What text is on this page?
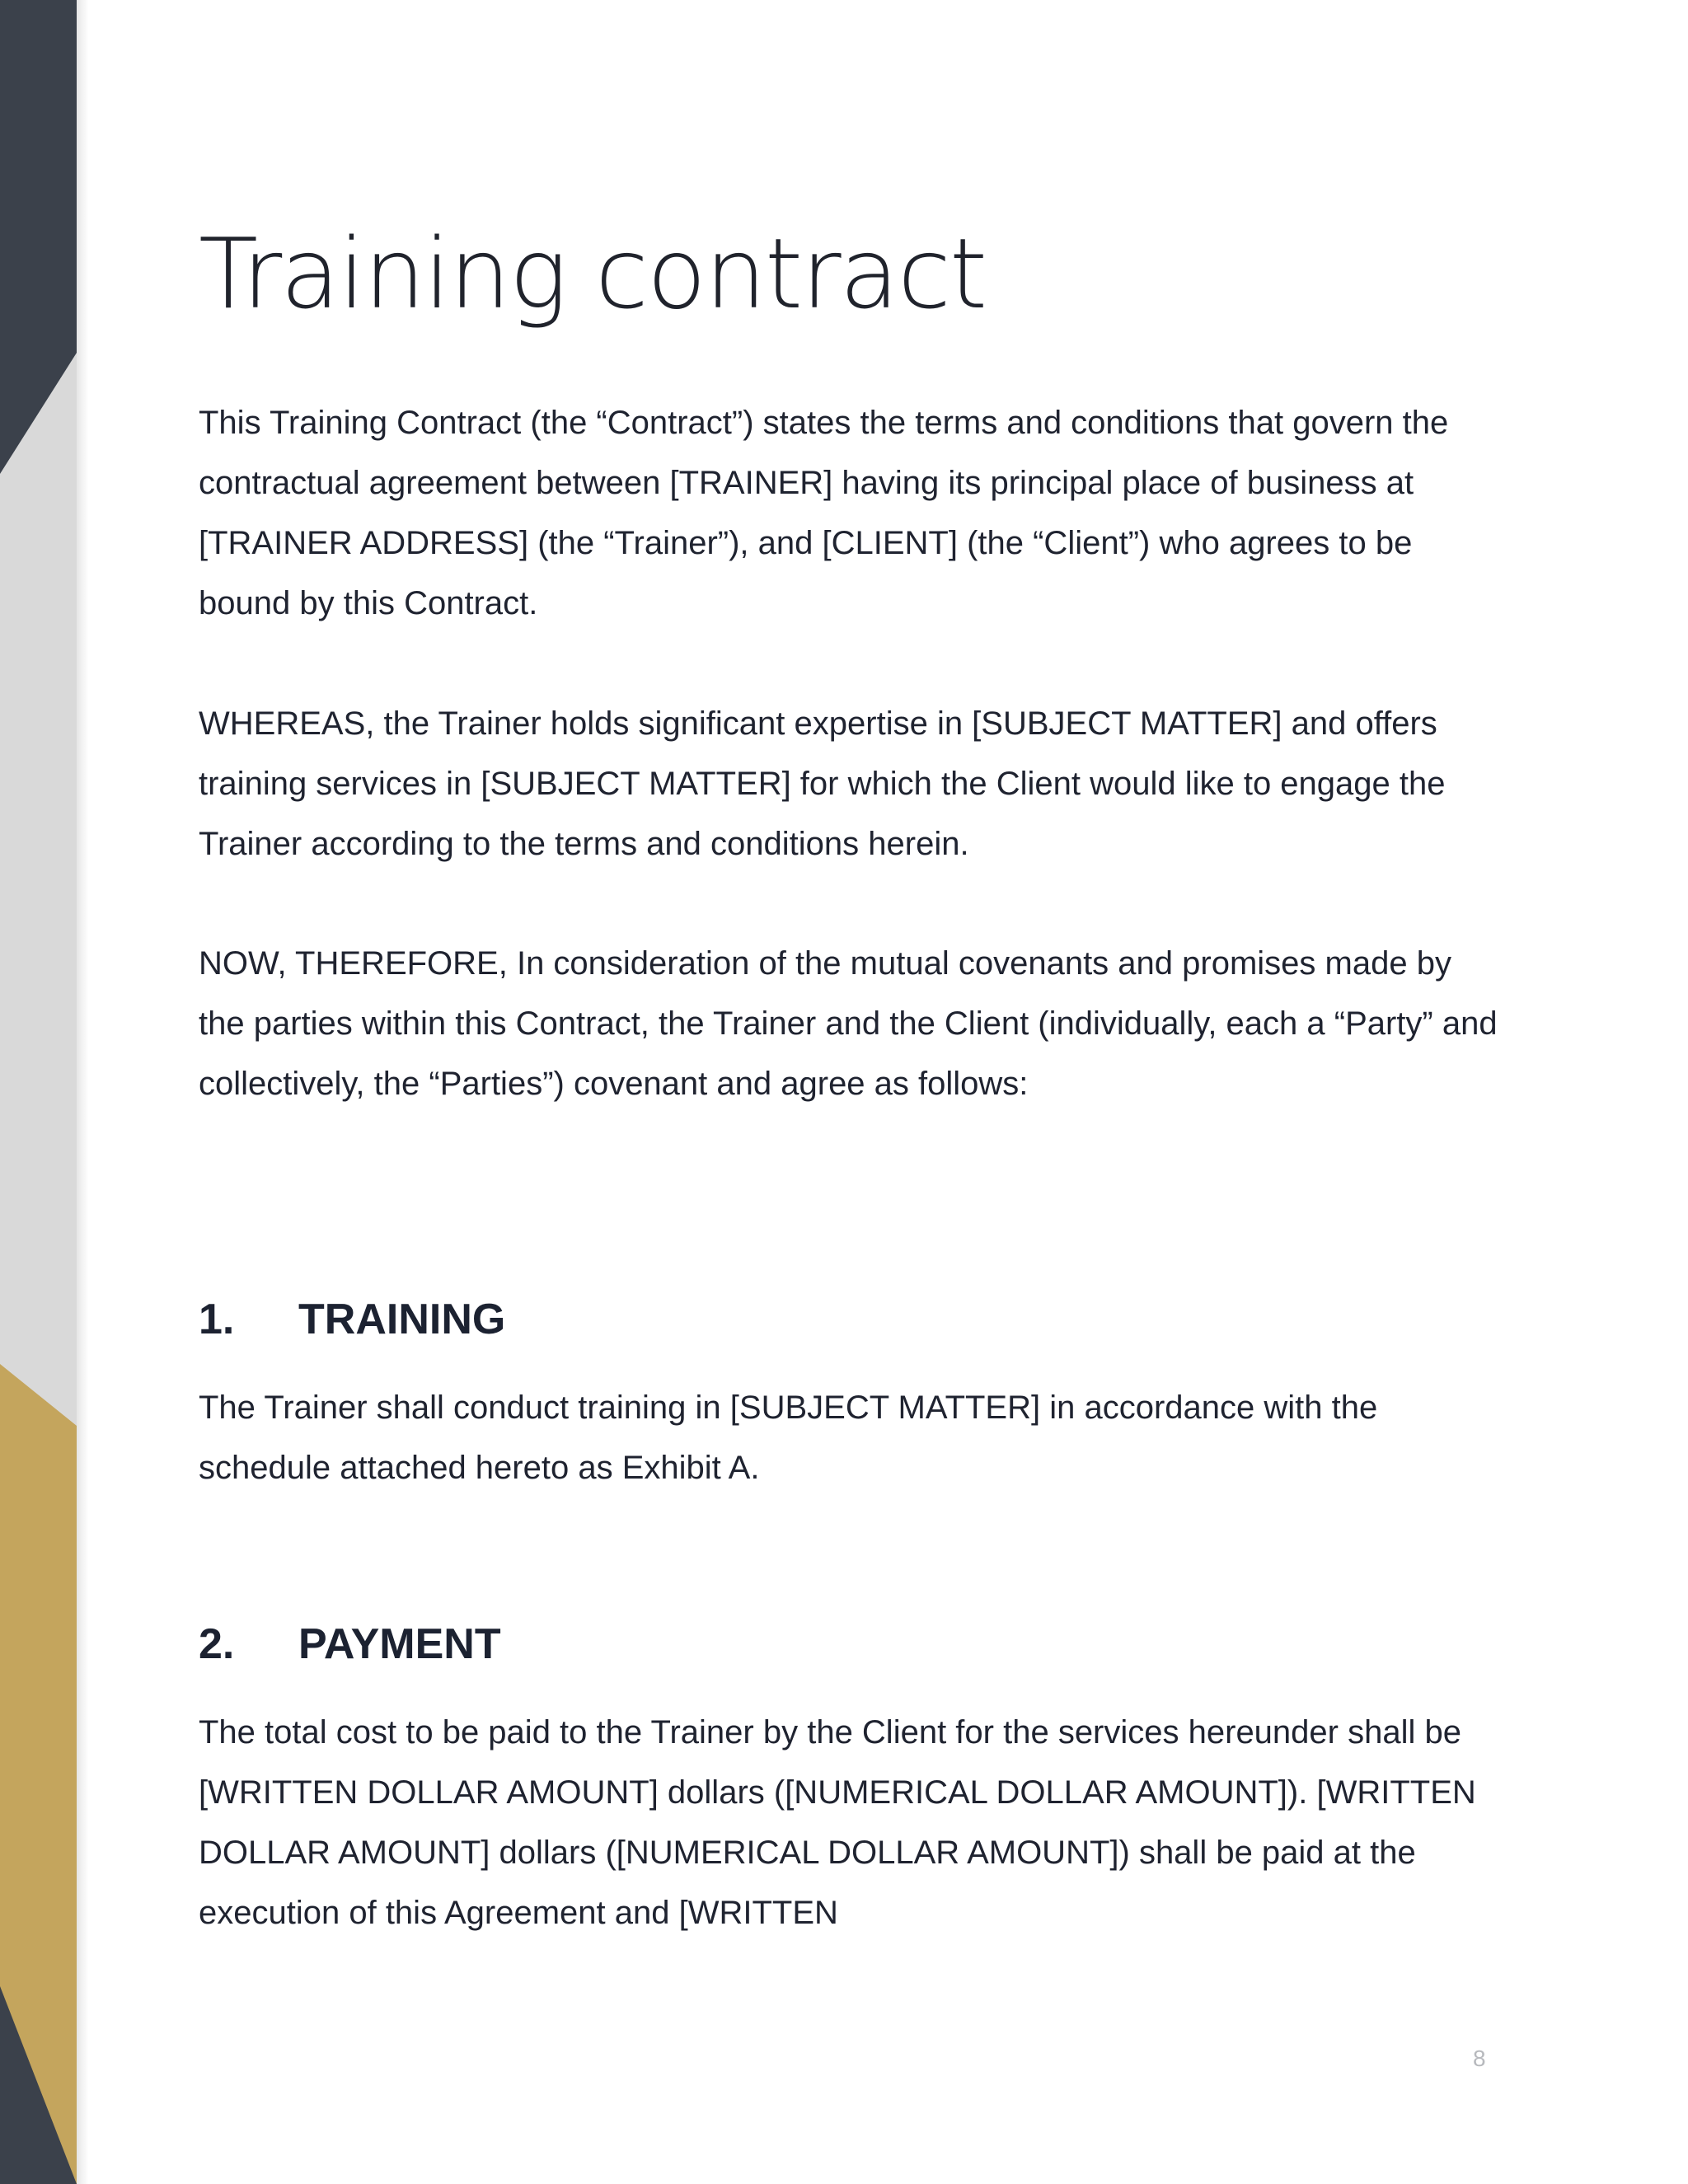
Training contract

This Training Contract (the “Contract”) states the terms and conditions that govern the contractual agreement between [TRAINER] having its principal place of business at [TRAINER ADDRESS] (the “Trainer”), and [CLIENT] (the “Client”) who agrees to be bound by this Contract.

WHEREAS, the Trainer holds significant expertise in [SUBJECT MATTER] and offers training services in [SUBJECT MATTER] for which the Client would like to engage the Trainer according to the terms and conditions herein.

NOW, THEREFORE, In consideration of the mutual covenants and promises made by the parties within this Contract, the Trainer and the Client (individually, each a “Party” and collectively, the “Parties”) covenant and agree as follows:

1. TRAINING

The Trainer shall conduct training in [SUBJECT MATTER] in accordance with the schedule attached hereto as Exhibit A.

2. PAYMENT

The total cost to be paid to the Trainer by the Client for the services hereunder shall be [WRITTEN DOLLAR AMOUNT] dollars ([NUMERICAL DOLLAR AMOUNT]). [WRITTEN DOLLAR AMOUNT] dollars ([NUMERICAL DOLLAR AMOUNT]) shall be paid at the execution of this Agreement and [WRITTEN

8
